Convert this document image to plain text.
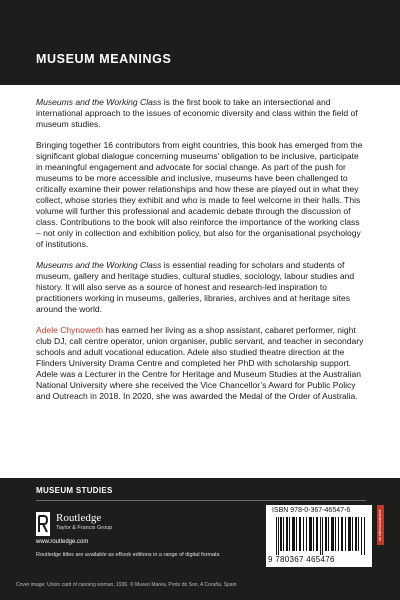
MUSEUM MEANINGS

Museums and the Working Class is the first book to take an intersectional and international approach to the issues of economic diversity and class within the field of museum studies.

Bringing together 16 contributors from eight countries, this book has emerged from the significant global dialogue concerning museums’ obligation to be inclusive, participate in meaningful engagement and advocate for social change. As part of the push for museums to be more accessible and inclusive, museums have been challenged to critically examine their power relationships and how these are played out in what they collect, whose stories they exhibit and who is made to feel welcome in their halls. This volume will further this professional and academic debate through the discussion of class. Contributions to the book will also reinforce the importance of the working class – not only in collection and exhibition policy, but also for the organisational psychology of institutions.

Museums and the Working Class is essential reading for scholars and students of museum, gallery and heritage studies, cultural studies, sociology, labour studies and history. It will also serve as a source of honest and research-led inspiration to practitioners working in museums, galleries, libraries, archives and at heritage sites around the world.

Adele Chynoweth has earned her living as a shop assistant, cabaret performer, night club DJ, call centre operator, union organiser, public servant, and teacher in secondary schools and adult vocational education. Adele also studied theatre direction at the Flinders University Drama Centre and completed her PhD with scholarship support. Adele was a Lecturer in the Centre for Heritage and Museum Studies at the Australian National University where she received the Vice Chancellor’s Award for Public Policy and Outreach in 2018. In 2020, she was awarded the Medal of the Order of Australia.

MUSEUM STUDIES
Routledge
Taylor & Francis Group
www.routledge.com
Routledge titles are available as eBook editions in a range of digital formats
Cover image: Union card of canning woman, 1936. © Museo Marea, Porto do Son, A Coruña, Spain
ISBN 978-0-367-46547-6
9 780367 465476
an informa business
